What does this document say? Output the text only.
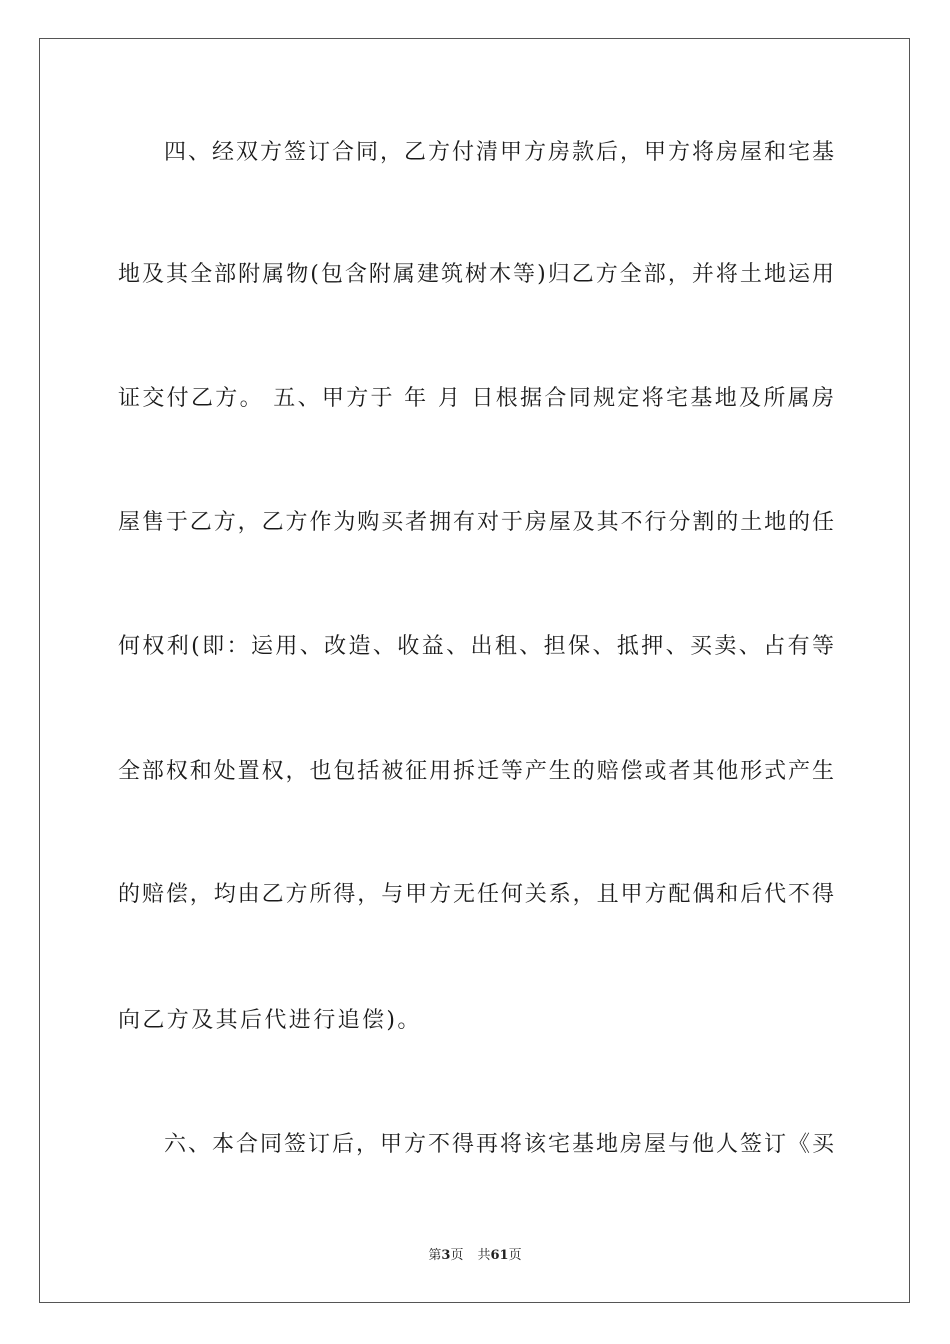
四、经双方签订合同，乙方付清甲方房款后，甲方将房屋和宅基
地及其全部附属物(包含附属建筑树木等)归乙方全部，并将土地运用
证交付乙方。 五、甲方于 年 月 日根据合同规定将宅基地及所属房
屋售于乙方，乙方作为购买者拥有对于房屋及其不行分割的土地的任
何权利(即：运用、改造、收益、出租、担保、抵押、买卖、占有等
全部权和处置权，也包括被征用拆迁等产生的赔偿或者其他形式产生
的赔偿，均由乙方所得，与甲方无任何关系，且甲方配偶和后代不得
向乙方及其后代进行追偿)。
六、本合同签订后，甲方不得再将该宅基地房屋与他人签订《买
第3页 共61页
